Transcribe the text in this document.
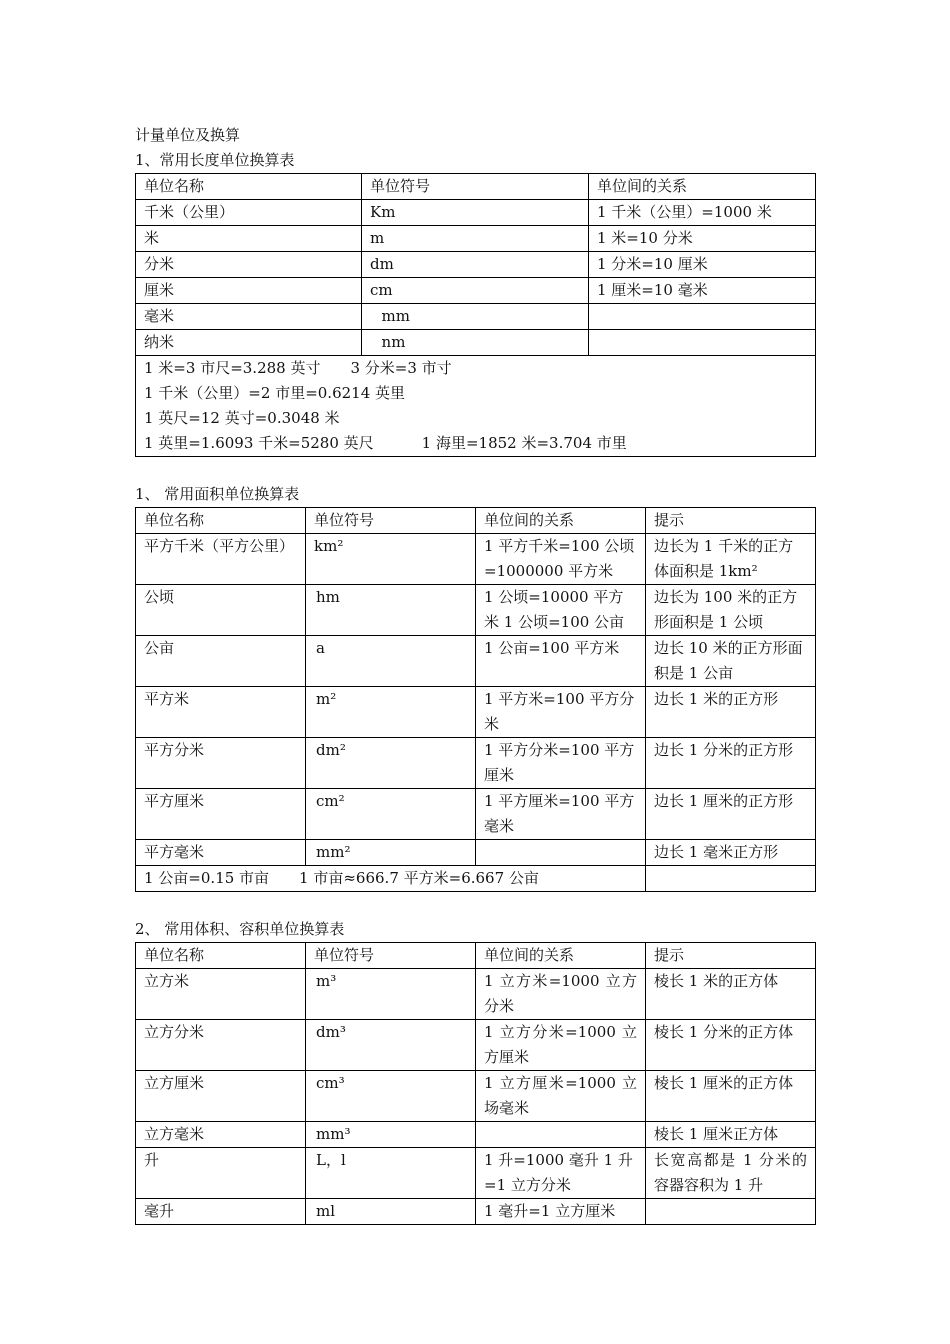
计量单位及换算
1、常用长度单位换算表
单位名称	单位符号	单位间的关系
千米（公里）	Km	1 千米（公里）=1000 米
米	m	1 米=10 分米
分米	dm	1 分米=10 厘米
厘米	cm	1 厘米=10 毫米
毫米	mm	
纳米	nm	

1 米=3 市尺=3.288 英寸 3 分米=3 市寸
1 千米（公里）=2 市里=0.6214 英里
1 英尺=12 英寸=0.3048 米
1 英里=1.6093 千米=5280 英尺 1 海里=1852 米=3.704 市里		
1、 常用面积单位换算表
单位名称	单位符号	单位间的关系	提示
平方千米（平方公里）	km²	1 平方千米=100 公顷=1000000 平方米	边长为 1 千米的正方体面积是 1km²
公顷	hm	1 公顷=10000 平方米 1 公顷=100 公亩	边长为 100 米的正方形面积是 1 公顷
公亩	a	1 公亩=100 平方米	边长 10 米的正方形面积是 1 公亩
平方米	m²	1 平方米=100 平方分米	边长 1 米的正方形
平方分米	dm²	1 平方分米=100 平方厘米	边长 1 分米的正方形
平方厘米	cm²	1 平方厘米=100 平方毫米	边长 1 厘米的正方形
平方毫米	mm²		边长 1 毫米正方形
1 公亩=0.15 市亩 1 市亩≈666.7 平方米=6.667 公亩			
2、 常用体积、容积单位换算表
单位名称	单位符号	单位间的关系	提示
立方米	m³	1 立方米=1000 立方分米	棱长 1 米的正方体
立方分米	dm³	1 立方分米=1000 立方厘米	棱长 1 分米的正方体
立方厘米	cm³	1 立方厘米=1000 立场毫米	棱长 1 厘米的正方体
立方毫米	mm³		棱长 1 厘米正方体
升	L，l	1 升=1000 毫升 1 升=1 立方分米	长宽高都是 1 分米的容器容积为 1 升
毫升	ml	1 毫升=1 立方厘米	
